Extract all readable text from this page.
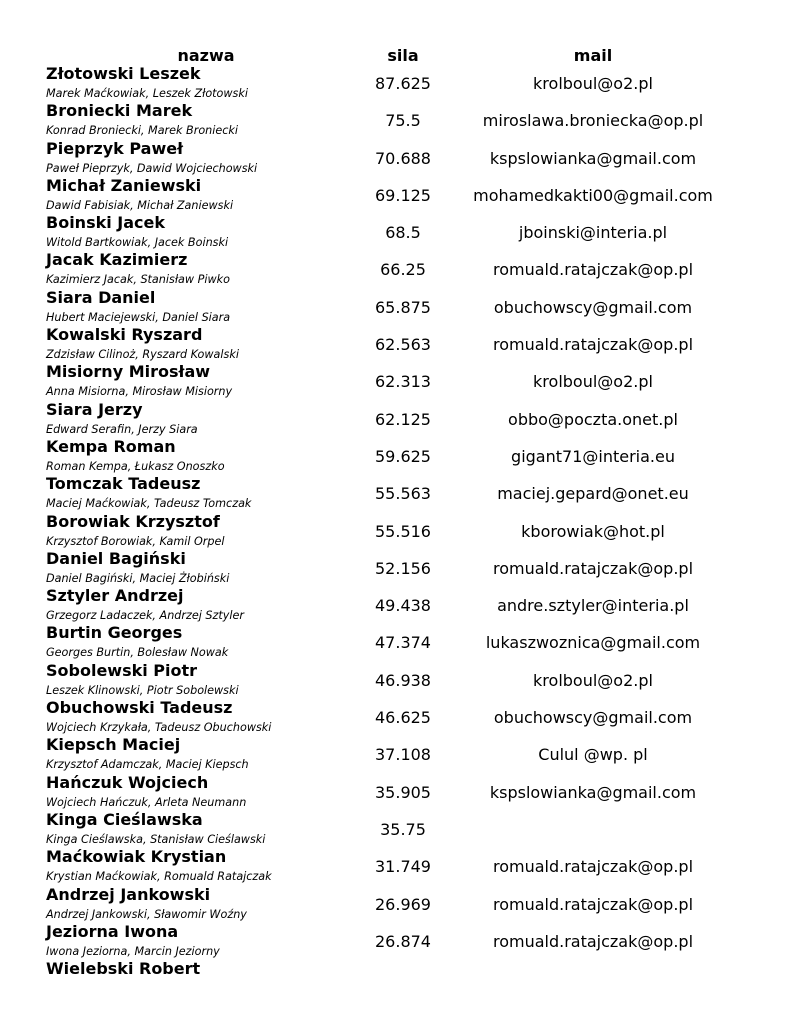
nazwa	sila	mail
Złotowski Leszek
Marek Maćkowiak, Leszek Złotowski
87.625	krolboul@o2.pl
Broniecki Marek
Konrad Broniecki, Marek Broniecki
75.5	miroslawa.broniecka@op.pl
Pieprzyk Paweł
Paweł Pieprzyk, Dawid Wojciechowski
70.688	kspslowianka@gmail.com
Michał Zaniewski
Dawid Fabisiak, Michał Zaniewski
69.125	mohamedkakti00@gmail.com
Boinski Jacek
Witold Bartkowiak, Jacek Boinski
68.5	jboinski@interia.pl
Jacak Kazimierz
Kazimierz Jacak, Stanisław Piwko
66.25	romuald.ratajczak@op.pl
Siara Daniel
Hubert Maciejewski, Daniel Siara
65.875	obuchowscy@gmail.com
Kowalski Ryszard
Zdzisław Cilinoż, Ryszard Kowalski
62.563	romuald.ratajczak@op.pl
Misiorny Mirosław
Anna Misiorna, Mirosław Misiorny
62.313	krolboul@o2.pl
Siara Jerzy
Edward Serafin, Jerzy Siara
62.125	obbo@poczta.onet.pl
Kempa Roman
Roman Kempa, Łukasz Onoszko
59.625	gigant71@interia.eu
Tomczak Tadeusz
Maciej Maćkowiak, Tadeusz Tomczak
55.563	maciej.gepard@onet.eu
Borowiak Krzysztof
Krzysztof Borowiak, Kamil Orpel
55.516	kborowiak@hot.pl
Daniel Bagiński
Daniel Bagiński, Maciej Żłobiński
52.156	romuald.ratajczak@op.pl
Sztyler Andrzej
Grzegorz Ladaczek, Andrzej Sztyler
49.438	andre.sztyler@interia.pl
Burtin Georges
Georges Burtin, Bolesław Nowak
47.374	lukaszwoznica@gmail.com
Sobolewski Piotr
Leszek Klinowski, Piotr Sobolewski
46.938	krolboul@o2.pl
Obuchowski Tadeusz
Wojciech Krzykała, Tadeusz Obuchowski
46.625	obuchowscy@gmail.com
Kiepsch Maciej
Krzysztof Adamczak, Maciej Kiepsch
37.108	Culul @wp. pl
Hańczuk Wojciech
Wojciech Hańczuk, Arleta Neumann
35.905	kspslowianka@gmail.com
Kinga Cieślawska
Kinga Cieślawska, Stanisław Cieślawski
35.75
Maćkowiak Krystian
Krystian Maćkowiak, Romuald Ratajczak
31.749	romuald.ratajczak@op.pl
Andrzej Jankowski
Andrzej Jankowski, Sławomir Woźny
26.969	romuald.ratajczak@op.pl
Jeziorna Iwona
Iwona Jeziorna, Marcin Jeziorny
26.874	romuald.ratajczak@op.pl
Wielebski Robert
